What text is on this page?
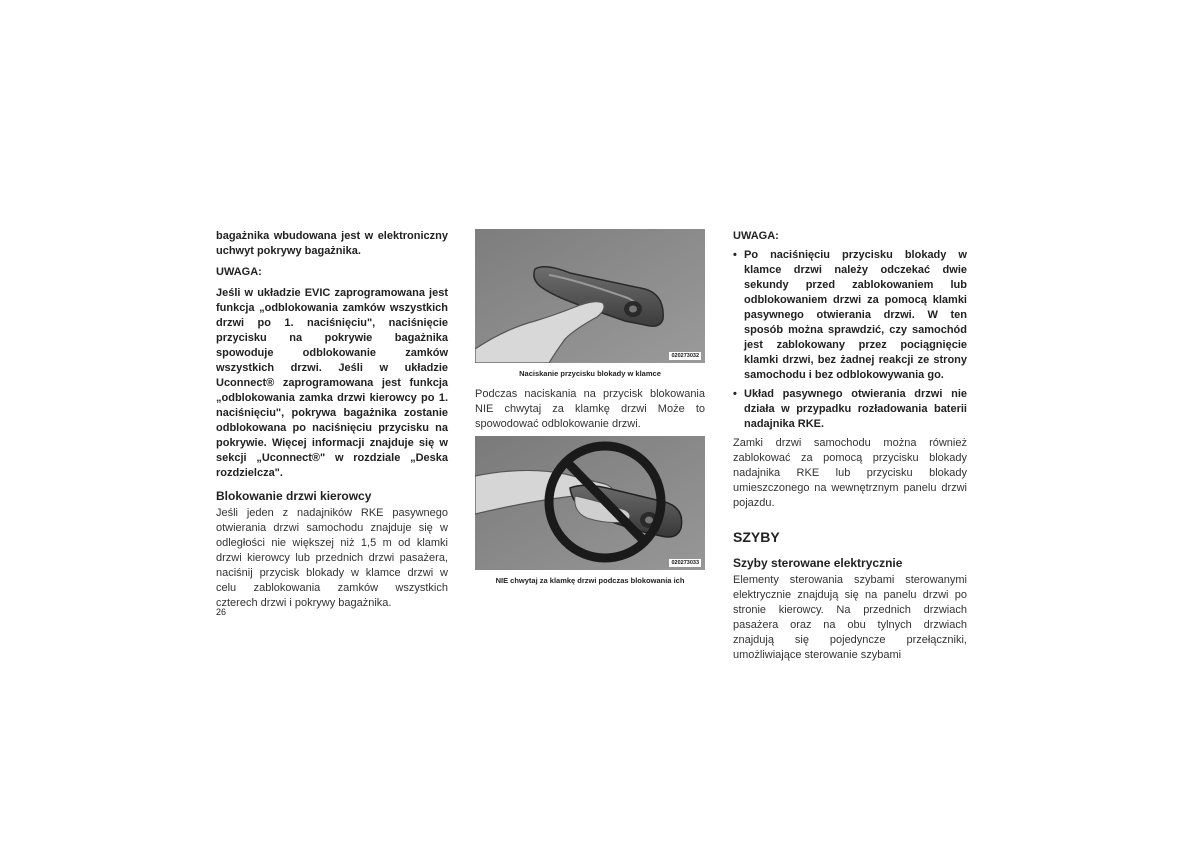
bagażnika wbudowana jest w elektroniczny uchwyt pokrywy bagażnika.

UWAGA:

Jeśli w układzie EVIC zaprogramowana jest funkcja „odblokowania zamków wszystkich drzwi po 1. naciśnięciu", naciśnięcie przycisku na pokrywie bagażnika spowoduje odblokowanie zamków wszystkich drzwi. Jeśli w układzie Uconnect® zaprogramowana jest funkcja „odblokowania zamka drzwi kierowcy po 1. naciśnięciu", pokrywa bagażnika zostanie odblokowana po naciśnięciu przycisku na pokrywie. Więcej informacji znajduje się w sekcji „Uconnect®" w rozdziale „Deska rozdzielcza".

Blokowanie drzwi kierowcy

Jeśli jeden z nadajników RKE pasywnego otwierania drzwi samochodu znajduje się w odległości nie większej niż 1,5 m od klamki drzwi kierowcy lub przednich drzwi pasażera, naciśnij przycisk blokady w klamce drzwi w celu zablokowania zamków wszystkich czterech drzwi i pokrywy bagażnika.

020273032

Naciskanie przycisku blokady w klamce

Podczas naciskania na przycisk blokowania NIE chwytaj za klamkę drzwi Może to spowodować odblokowanie drzwi.

020273033

NIE chwytaj za klamkę drzwi podczas blokowania ich

UWAGA:

• Po naciśnięciu przycisku blokady w klamce drzwi należy odczekać dwie sekundy przed zablokowaniem lub odblokowaniem drzwi za pomocą klamki pasywnego otwierania drzwi. W ten sposób można sprawdzić, czy samochód jest zablokowany przez pociągnięcie klamki drzwi, bez żadnej reakcji ze strony samochodu i bez odblokowywania go.
• Układ pasywnego otwierania drzwi nie działa w przypadku rozładowania baterii nadajnika RKE.

Zamki drzwi samochodu można również zablokować za pomocą przycisku blokady nadajnika RKE lub przycisku blokady umieszczonego na wewnętrznym panelu drzwi pojazdu.

SZYBY

Szyby sterowane elektrycznie

Elementy sterowania szybami sterowanymi elektrycznie znajdują się na panelu drzwi po stronie kierowcy. Na przednich drzwiach pasażera oraz na obu tylnych drzwiach znajdują się pojedyncze przełączniki, umożliwiające sterowanie szybami

26
